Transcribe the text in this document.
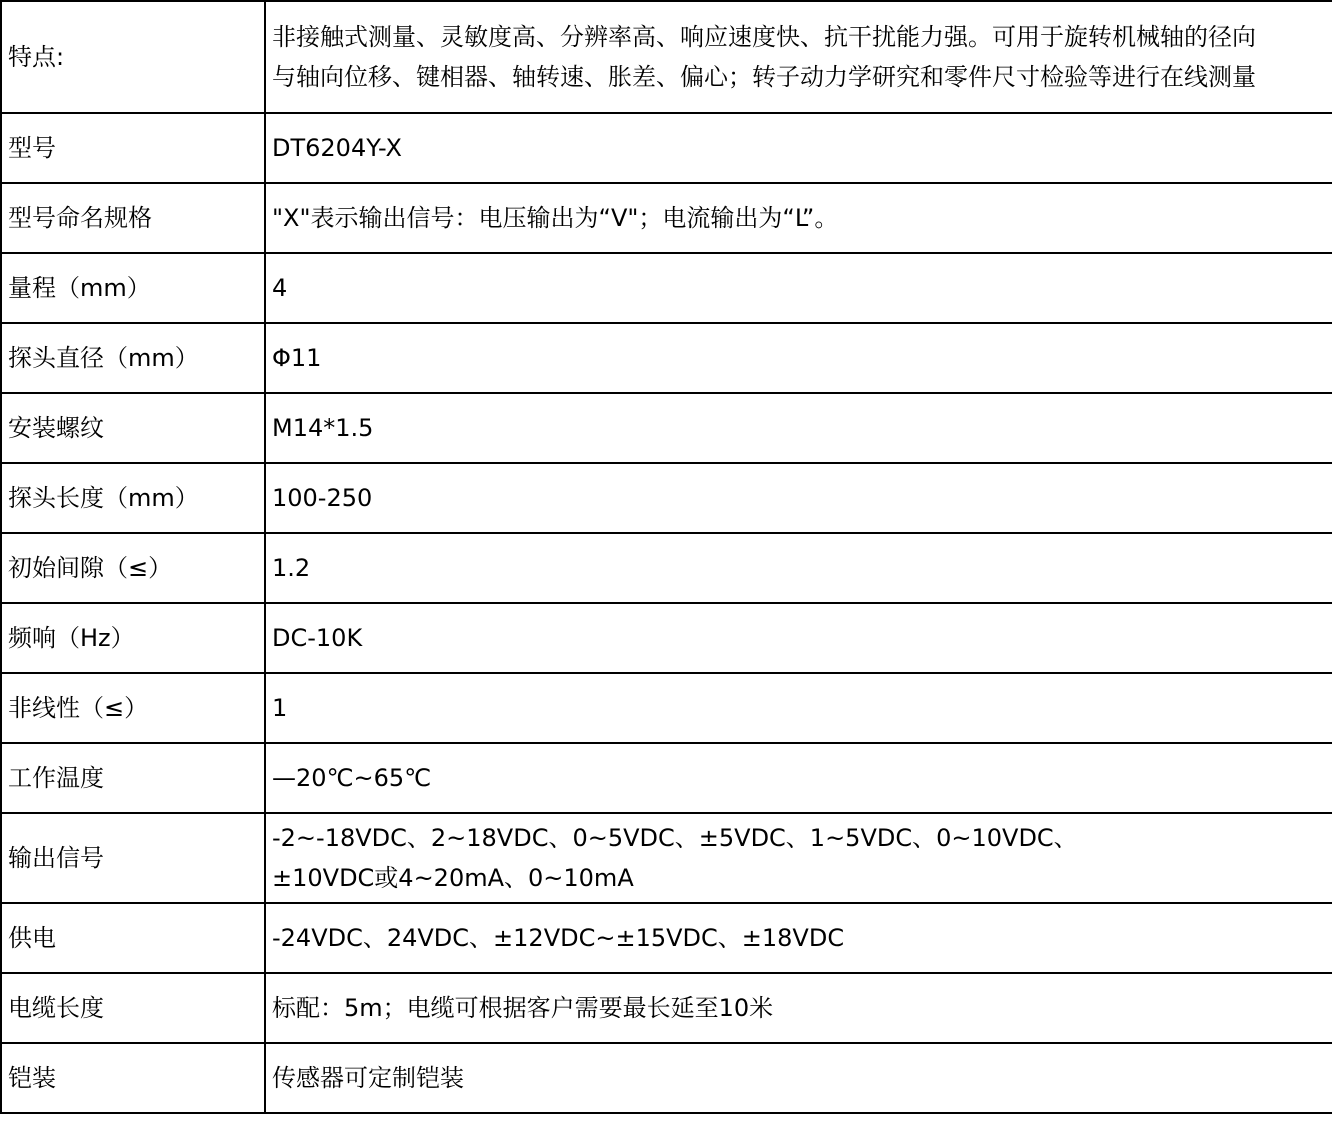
特点:	非接触式测量、灵敏度高、分辨率高、响应速度快、抗干扰能力强。可用于旋转机械轴的径向
与轴向位移、键相器、轴转速、胀差、偏心；转子动力学研究和零件尺寸检验等进行在线测量
型号	DT6204Y-X
型号命名规格	"X"表示输出信号：电压输出为“V"；电流输出为“L”。
量程（mm）	4
探头直径（mm）	Φ11
安装螺纹	M14*1.5
探头长度（mm）	100-250
初始间隙（≤）	1.2
频响（Hz）	DC-10K
非线性（≤）	1
工作温度	—20℃~65℃
输出信号	-2~-18VDC、2~18VDC、0~5VDC、±5VDC、1~5VDC、0~10VDC、
±10VDC或4~20mA、0~10mA
供电	-24VDC、24VDC、±12VDC~±15VDC、±18VDC
电缆长度	标配：5m；电缆可根据客户需要最长延至10米
铠装	传感器可定制铠装
